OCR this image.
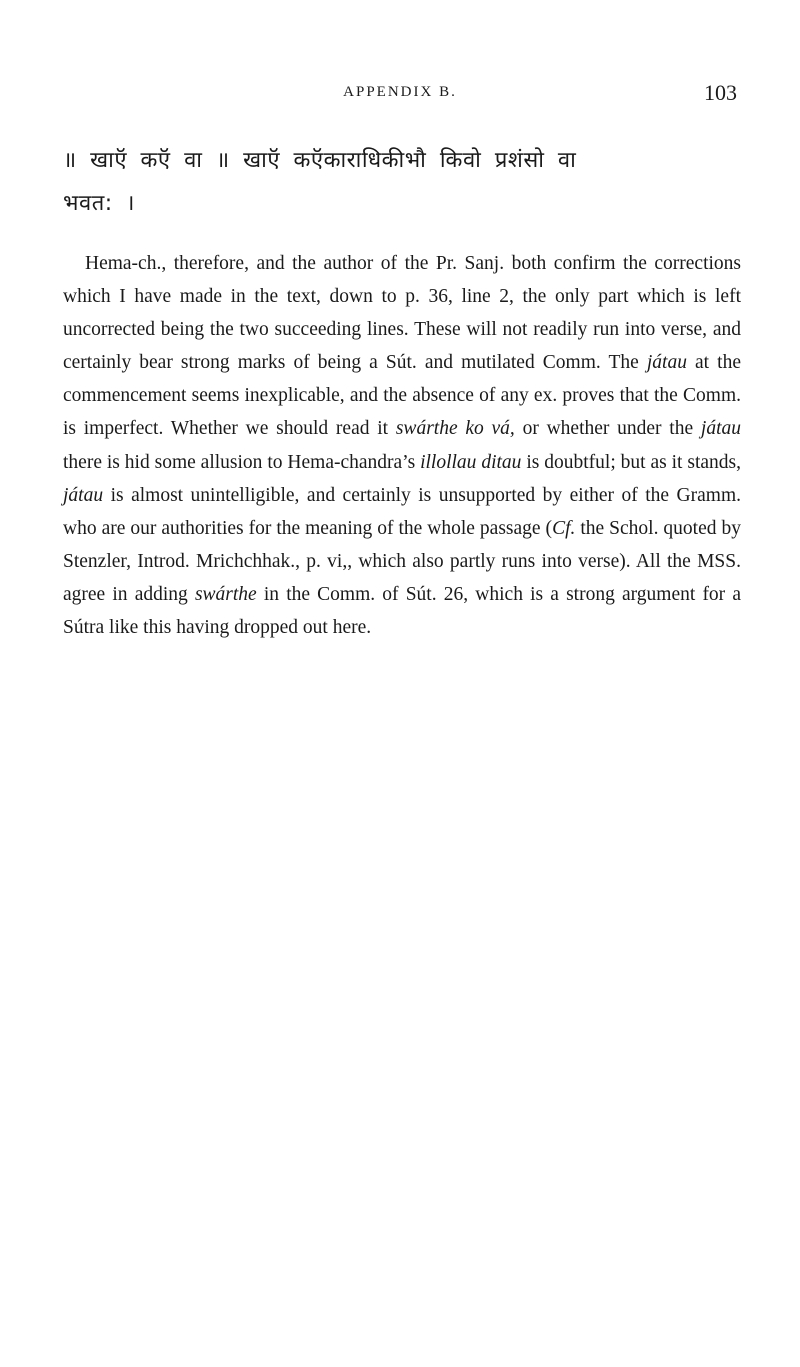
APPENDIX B.	103
॥ खाऍ कऍ वा ॥ खाऍ कऍकाराधिकीभौ किवो प्रशंसो वा
भवत: ।

Hema-ch., therefore, and the author of the Pr. Sanj. both confirm the corrections which I have made in the text, down to p. 36, line 2, the only part which is left uncorrected being the two succeeding lines. These will not readily run into verse, and certainly bear strong marks of being a Sút. and mutilated Comm. The játau at the commencement seems inexplicable, and the absence of any ex. proves that the Comm. is imperfect. Whether we should read it swárthe ko vá, or whether under the játau there is hid some allusion to Hema-chandra’s illollau ditau is doubtful; but as it stands, játau is almost unintelligible, and certainly is unsupported by either of the Gramm. who are our authorities for the meaning of the whole passage (Cf. the Schol. quoted by Stenzler, Introd. Mrichchhak., p. vi,, which also partly runs into verse). All the MSS. agree in adding swárthe in the Comm. of Sút. 26, which is a strong argument for a Sútra like this having dropped out here.
